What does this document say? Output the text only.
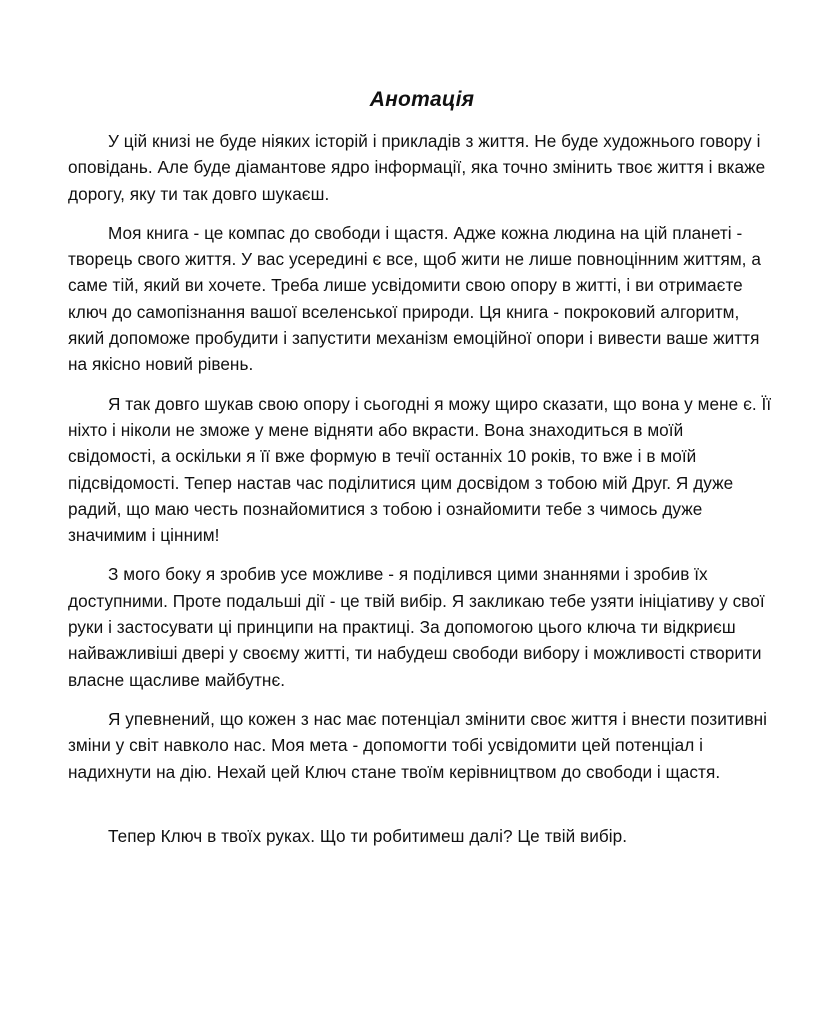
Анотація

У цій книзі не буде ніяких історій і прикладів з життя. Не буде художнього говору і оповідань. Але буде діамантове ядро інформації, яка точно змінить твоє життя і вкаже дорогу, яку ти так довго шукаєш.

Моя книга - це компас до свободи і щастя. Адже кожна людина на цій планеті - творець свого життя. У вас усередині є все, щоб жити не лише повноцінним життям, а саме тій, який ви хочете. Треба лише усвідомити свою опору в житті, і ви отримаєте ключ до самопізнання вашої вселенської природи. Ця книга - покроковий алгоритм, який допоможе пробудити і запустити механізм емоційної опори і вивести ваше життя на якісно новий рівень.

Я так довго шукав свою опору і сьогодні я можу щиро сказати, що вона у мене є. Її ніхто і ніколи не зможе у мене відняти або вкрасти. Вона знаходиться в моїй свідомості, а оскільки я її вже формую в течії останніх 10 років, то вже і в моїй підсвідомості. Тепер настав час поділитися цим досвідом з тобою мій Друг. Я дуже радий, що маю честь познайомитися з тобою і ознайомити тебе з чимось дуже значимим і цінним!

З мого боку я зробив усе можливе - я поділився цими знаннями і зробив їх доступними. Проте подальші дії - це твій вибір. Я закликаю тебе узяти ініціативу у свої руки і застосувати ці принципи на практиці. За допомогою цього ключа ти відкриєш найважливіші двері у своєму житті, ти набудеш свободи вибору і можливості створити власне щасливе майбутнє.

Я упевнений, що кожен з нас має потенціал змінити своє життя і внести позитивні зміни у світ навколо нас. Моя мета - допомогти тобі усвідомити цей потенціал і надихнути на дію. Нехай цей Ключ стане твоїм керівництвом до свободи і щастя.

Тепер Ключ в твоїх руках. Що ти робитимеш далі? Це твій вибір.
